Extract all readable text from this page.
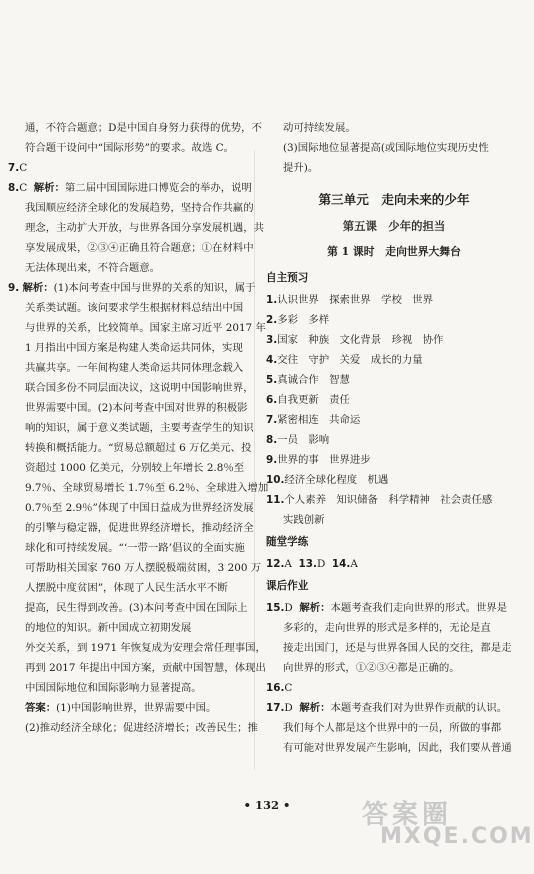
通，不符合题意；D是中国自身努力获得的优势，不
符合题干设问中“国际形势”的要求。故选 C。
7.C
8.C 解析：第二届中国国际进口博览会的举办，说明
我国顺应经济全球化的发展趋势，坚持合作共赢的
理念，主动扩大开放，与世界各国分享发展机遇，共
享发展成果，②③④正确且符合题意；①在材料中
无法体现出来，不符合题意。
9. 解析：(1)本问考查中国与世界的关系的知识，属于
关系类试题。该问要求学生根据材料总结出中国
与世界的关系，比较简单。国家主席习近平 2017 年
1 月指出中国方案是构建人类命运共同体，实现
共赢共享。一年间构建人类命运共同体理念载入
联合国多份不同层面决议，这说明中国影响世界，
世界需要中国。(2)本问考查中国对世界的积极影
响的知识，属于意义类试题，主要考查学生的知识
转换和概括能力。“贸易总额超过 6 万亿美元、投
资超过 1000 亿美元，分别较上年增长 2.8％至
9.7％、全球贸易增长 1.7％至 6.2％、全球进入增加
0.7％至 2.9％”体现了中国日益成为世界经济发展
的引擎与稳定器，促进世界经济增长，推动经济全
球化和可持续发展。“‘一带一路’倡议的全面实施
可帮助相关国家 760 万人摆脱极端贫困，3 200 万
人摆脱中度贫困”，体现了人民生活水平不断
提高，民生得到改善。(3)本问考查中国在国际上
的地位的知识。新中国成立初期发展
外交关系，到 1971 年恢复成为安理会常任理事国，
再到 2017 年提出中国方案，贡献中国智慧，体现出
中国国际地位和国际影响力显著提高。
答案：(1)中国影响世界，世界需要中国。
(2)推动经济全球化；促进经济增长；改善民生；推
动可持续发展。
(3)国际地位显著提高(或国际地位实现历史性
提升)。
第三单元　走向未来的少年
第五课　少年的担当
第 1 课时　走向世界大舞台
自主预习
1.认识世界　探索世界　学校　世界
2.多彩　多样
3.国家　种族　文化背景　珍视　协作
4.交往　守护　关爱　成长的力量
5.真诚合作　智慧
6.自我更新　责任
7.紧密相连　共命运
8.一员　影响
9.世界的事　世界进步
10.经济全球化程度　机遇
11.个人素养　知识储备　科学精神　社会责任感
实践创新
随堂学练
12.A 13.D 14.A
课后作业
15.D 解析：本题考查我们走向世界的形式。世界是
多彩的，走向世界的形式是多样的，无论是直
接走出国门，还是与世界各国人民的交往，都是走
向世界的形式，①②③④都是正确的。
16.C
17.D 解析：本题考查我们对为世界作贡献的认识。
我们每个人都是这个世界中的一员，所做的事都
有可能对世界发展产生影响，因此，我们要从普通
• 132 •	答案圈
MXQE.COM
